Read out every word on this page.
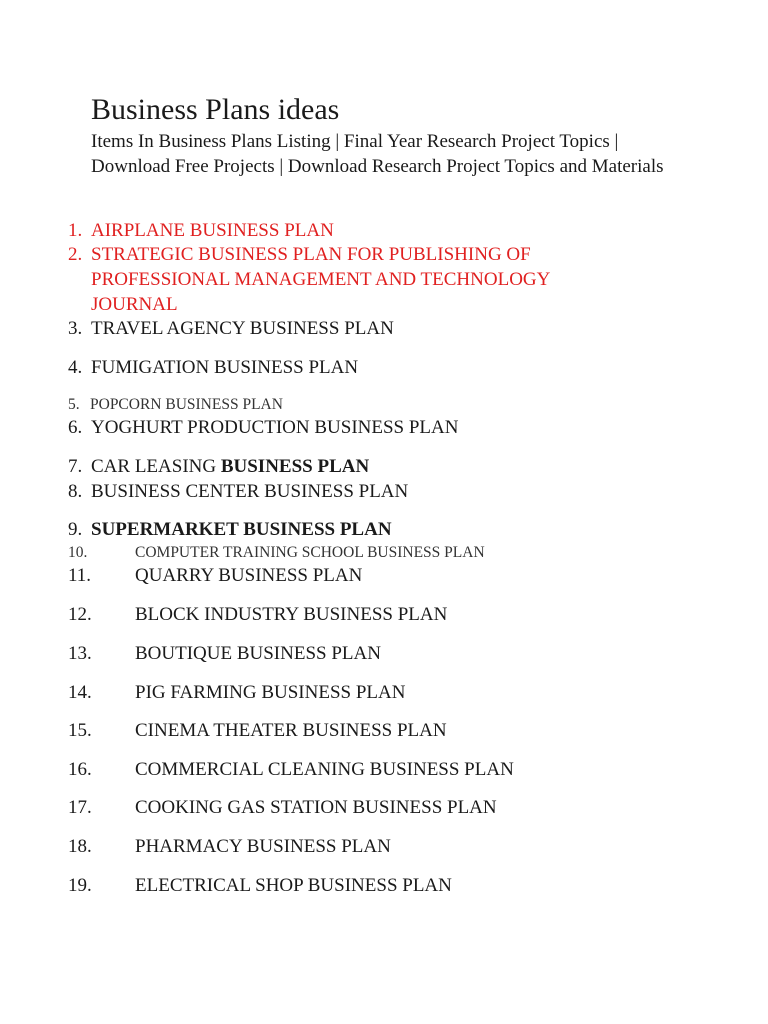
Business Plans ideas
Items In Business Plans Listing | Final Year Research Project Topics | Download Free Projects | Download Research Project Topics and Materials
1. AIRPLANE BUSINESS PLAN
2. STRATEGIC BUSINESS PLAN FOR PUBLISHING OF
PROFESSIONAL MANAGEMENT AND TECHNOLOGY
JOURNAL
3. TRAVEL AGENCY BUSINESS PLAN
4. FUMIGATION BUSINESS PLAN
5. POPCORN BUSINESS PLAN
6. YOGHURT PRODUCTION BUSINESS PLAN
7. CAR LEASING BUSINESS PLAN
8. BUSINESS CENTER BUSINESS PLAN
9. SUPERMARKET BUSINESS PLAN
10.	COMPUTER TRAINING SCHOOL BUSINESS PLAN
11. QUARRY BUSINESS PLAN
12. BLOCK INDUSTRY BUSINESS PLAN
13. BOUTIQUE BUSINESS PLAN
14. PIG FARMING BUSINESS PLAN
15. CINEMA THEATER BUSINESS PLAN
16. COMMERCIAL CLEANING BUSINESS PLAN
17. COOKING GAS STATION BUSINESS PLAN
18. PHARMACY BUSINESS PLAN
19. ELECTRICAL SHOP BUSINESS PLAN
